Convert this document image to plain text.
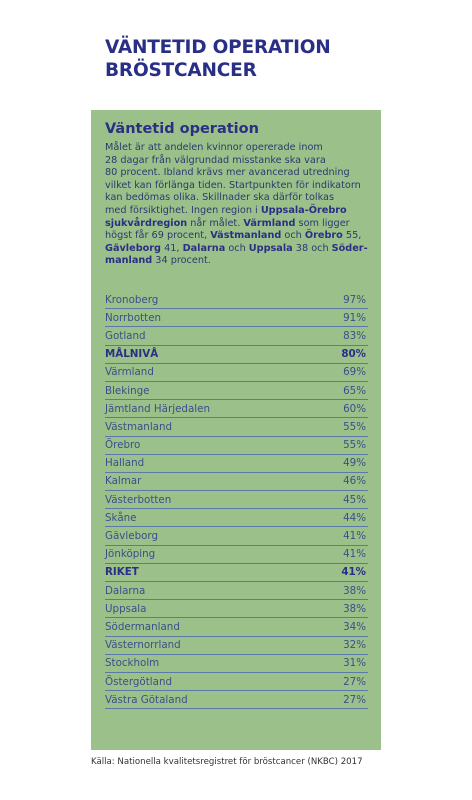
VÄNTETID OPERATION
BRÖSTCANCER
Väntetid operation
Målet är att andelen kvinnor opererade inom
28 dagar från välgrundad misstanke ska vara
80 procent. Ibland krävs mer avancerad utredning
vilket kan förlänga tiden. Startpunkten för indikatorn
kan bedömas olika. Skillnader ska därför tolkas
med försiktighet. Ingen region i Uppsala-Örebro
sjukvårdregion når målet. Värmland som ligger
högst får 69 procent, Västmanland och Örebro 55,
Gävleborg 41, Dalarna och Uppsala 38 och Söder-
manland 34 procent.
Kronoberg	97%
Norrbotten	91%
Gotland	83%
MÅLNIVÅ	80%
Värmland	69%
Blekinge	65%
Jämtland Härjedalen	60%
Västmanland	55%
Örebro	55%
Halland	49%
Kalmar	46%
Västerbotten	45%
Skåne	44%
Gävleborg	41%
Jönköping	41%
RIKET	41%
Dalarna	38%
Uppsala	38%
Södermanland	34%
Västernorrland	32%
Stockholm	31%
Östergötland	27%
Västra Götaland	27%
Källa: Nationella kvalitetsregistret för bröstcancer (NKBC) 2017
